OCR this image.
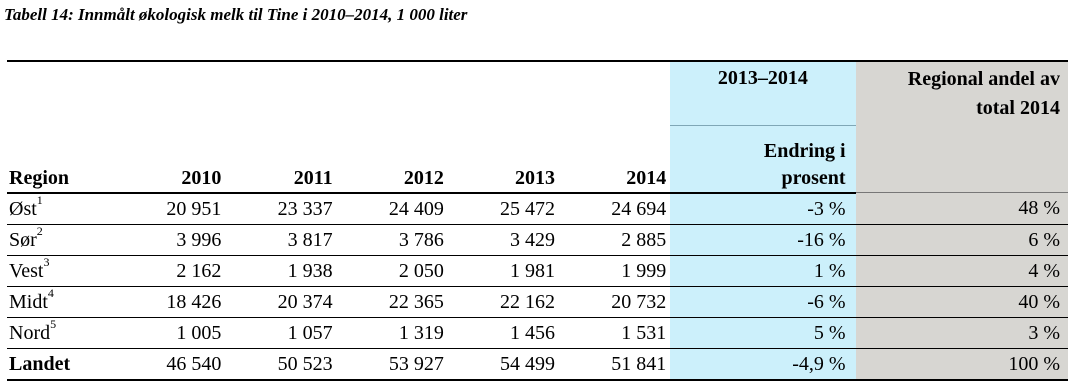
Tabell 14: Innmålt økologisk melk til Tine i 2010–2014, 1 000 liter
						2013–2014	Regional andel av
total 2014
Region	2010	2011	2012	2013	2014	Endring i
prosent	
Øst$^1$	20 951	23 337	24 409	25 472	24 694	-3 %	48 %
Sør$^2$	3 996	3 817	3 786	3 429	2 885	-16 %	6 %
Vest$^3$	2 162	1 938	2 050	1 981	1 999	1 %	4 %
Midt$^4$	18 426	20 374	22 365	22 162	20 732	-6 %	40 %
Nord$^5$	1 005	1 057	1 319	1 456	1 531	5 %	3 %
Landet	46 540	50 523	53 927	54 499	51 841	-4,9 %	100 %
